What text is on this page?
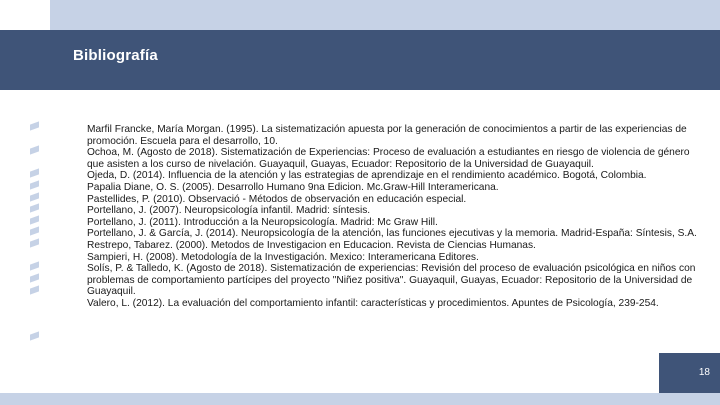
Bibliografía

Marfil Francke, María Morgan. (1995). La sistematización apuesta por la generación de conocimientos a partir de las experiencias de promoción. Escuela para el desarrollo, 10.

Ochoa, M. (Agosto de 2018). Sistematización de Experiencias: Proceso de evaluación a estudiantes en riesgo de violencia de género que asisten a los curso de nivelación. Guayaquil, Guayas, Ecuador: Repositorio de la Universidad de Guayaquil.

Ojeda, D. (2014). Influencia de la atención y las estrategias de aprendizaje en el rendimiento académico. Bogotá, Colombia.

Papalia Diane, O. S. (2005). Desarrollo Humano 9na Edicion. Mc.Graw-Hill Interamericana.

Pastellides, P. (2010). Observació - Métodos de observación en educación especial.

Portellano, J. (2007). Neuropsicología infantil. Madrid: síntesis.

Portellano, J. (2011). Introducción a la Neuropsicología. Madrid: Mc Graw Hill.

Portellano, J. & García, J. (2014). Neuropsicología de la atención, las funciones ejecutivas y la memoria. Madrid-España: Síntesis, S.A.

Restrepo, Tabarez. (2000). Metodos de Investigacion en Educacion. Revista de Ciencias Humanas.

Sampieri, H. (2008). Metodología de la Investigación. Mexico: Interamericana Editores.

Solís, P. & Talledo, K. (Agosto de 2018). Sistematización de experiencias: Revisión del proceso de evaluación psicológica en niños con problemas de comportamiento partícipes del proyecto "Niñez positiva". Guayaquil, Guayas, Ecuador: Repositorio de la Universidad de Guayaquil.

Valero, L. (2012). La evaluación del comportamiento infantil: características y procedimientos. Apuntes de Psicología, 239-254.

18
